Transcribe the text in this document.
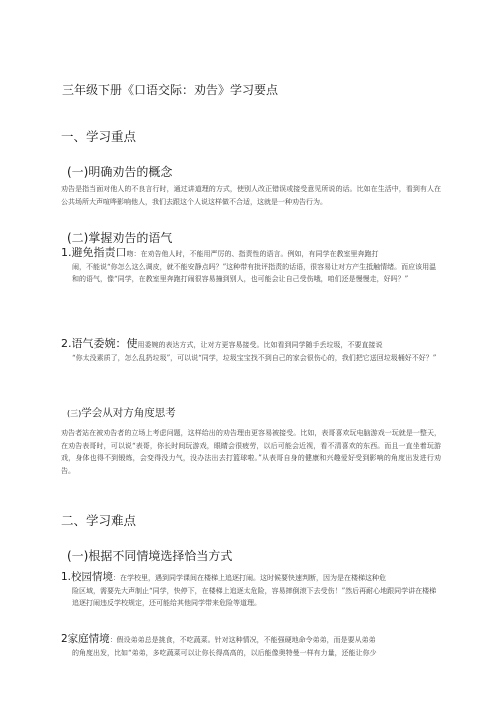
三年级下册《口语交际：劝告》学习要点
一、学习重点
(一)明确劝告的概念
劝告是指当面对他人的不良言行时，通过讲道理的方式，使别人改正错误或接受意见所说的话。比如在生活中，看到有人在公共场所大声喧哗影响他人，我们去跟这个人说这样做不合适，这就是一种劝告行为。
(二)掌握劝告的语气
1.避免指责口吻：在劝告他人时，不能用严厉的、指责性的语言。例如，有同学在教室里奔跑打
闹，不能说“你怎么这么调皮，就不能安静点吗？”这种带有批评指责的话语，很容易让对方产生抵触情绪。而应该用温和的语气，像“同学，在教室里奔跑打闹很容易撞到别人，也可能会让自己受伤哦，咱们还是慢慢走，好吗？”
2.语气委婉：使用委婉的表达方式，让对方更容易接受。比如看到同学随手丢垃圾，不要直接说
“你太没素质了，怎么乱扔垃圾”，可以说“同学，垃圾宝宝找不到自己的家会很伤心的，我们把它送回垃圾桶好不好？”
(三)学会从对方角度思考
劝告者站在被劝告者的立场上考虑问题，这样给出的劝告理由更容易被接受。比如，表哥喜欢玩电脑游戏一玩就是一整天，在劝告表哥时，可以说“表哥，你长时间玩游戏，眼睛会很疲劳，以后可能会近视，看不清喜欢的东西。而且一直坐着玩游戏，身体也得不到锻炼，会变得没力气，没办法出去打篮球啦。”从表哥自身的健康和兴趣爱好受到影响的角度出发进行劝告。
二、学习难点
(一)根据不同情境选择恰当方式
1.校园情境：在学校里，遇到同学课间在楼梯上追逐打闹。这时候要快速判断，因为是在楼梯这种危
险区域，需要先大声制止“同学，快停下，在楼梯上追逐太危险，容易摔倒滚下去受伤！”然后再耐心地跟同学讲在楼梯追逐打闹违反学校规定，还可能给其他同学带来危险等道理。
2家庭情境：假设弟弟总是挑食，不吃蔬菜。针对这种情况，不能强硬地命令弟弟，而是要从弟弟
的角度出发，比如“弟弟，多吃蔬菜可以让你长得高高的，以后能像奥特曼一样有力量，还能让你少
